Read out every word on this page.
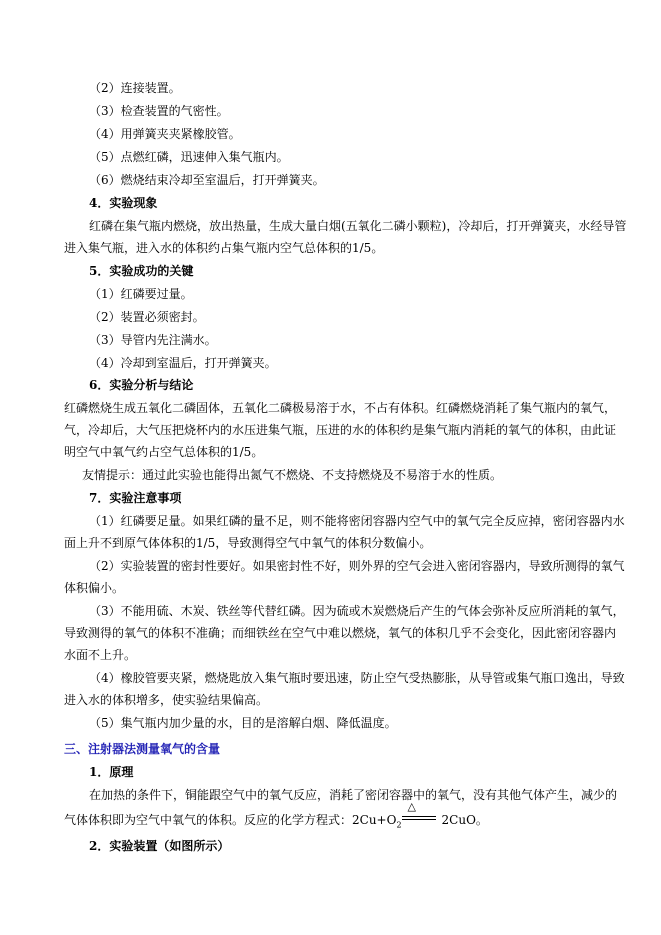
（2）连接装置。
（3）检查装置的气密性。
（4）用弹簧夹夹紧橡胶管。
（5）点燃红磷，迅速伸入集气瓶内。
（6）燃烧结束冷却至室温后，打开弹簧夹。
4．实验现象
红磷在集气瓶内燃烧，放出热量，生成大量白烟(五氧化二磷小颗粒)，冷却后，打开弹簧夹，水经导管
进入集气瓶，进入水的体积约占集气瓶内空气总体积的1/5。
5．实验成功的关键
（1）红磷要过量。
（2）装置必须密封。
（3）导管内先注满水。
（4）冷却到室温后，打开弹簧夹。
6．实验分析与结论
红磷燃烧生成五氧化二磷固体，五氧化二磷极易溶于水，不占有体积。红磷燃烧消耗了集气瓶内的氧气，
气，冷却后，大气压把烧杯内的水压进集气瓶，压进的水的体积约是集气瓶内消耗的氧气的体积，由此证
明空气中氧气约占空气总体积的1/5。
友情提示：通过此实验也能得出氮气不燃烧、不支持燃烧及不易溶于水的性质。
7．实验注意事项
（1）红磷要足量。如果红磷的量不足，则不能将密闭容器内空气中的氧气完全反应掉，密闭容器内水
面上升不到原气体体积的1/5，导致测得空气中氧气的体积分数偏小。
（2）实验装置的密封性要好。如果密封性不好，则外界的空气会进入密闭容器内，导致所测得的氧气
体积偏小。
（3）不能用硫、木炭、铁丝等代替红磷。因为硫或木炭燃烧后产生的气体会弥补反应所消耗的氧气，
导致测得的氧气的体积不准确；而细铁丝在空气中难以燃烧，氧气的体积几乎不会变化，因此密闭容器内
水面不上升。
（4）橡胶管要夹紧，燃烧匙放入集气瓶时要迅速，防止空气受热膨胀，从导管或集气瓶口逸出，导致
进入水的体积增多，使实验结果偏高。
（5）集气瓶内加少量的水，目的是溶解白烟、降低温度。
三、注射器法测量氧气的含量
1．原理
在加热的条件下，铜能跟空气中的氧气反应，消耗了密闭容器中的氧气，没有其他气体产生，减少的
气体体积即为空气中氧气的体积。反应的化学方程式：$2Cu+O_2$
△
2CuO。
2．实验装置（如图所示）
